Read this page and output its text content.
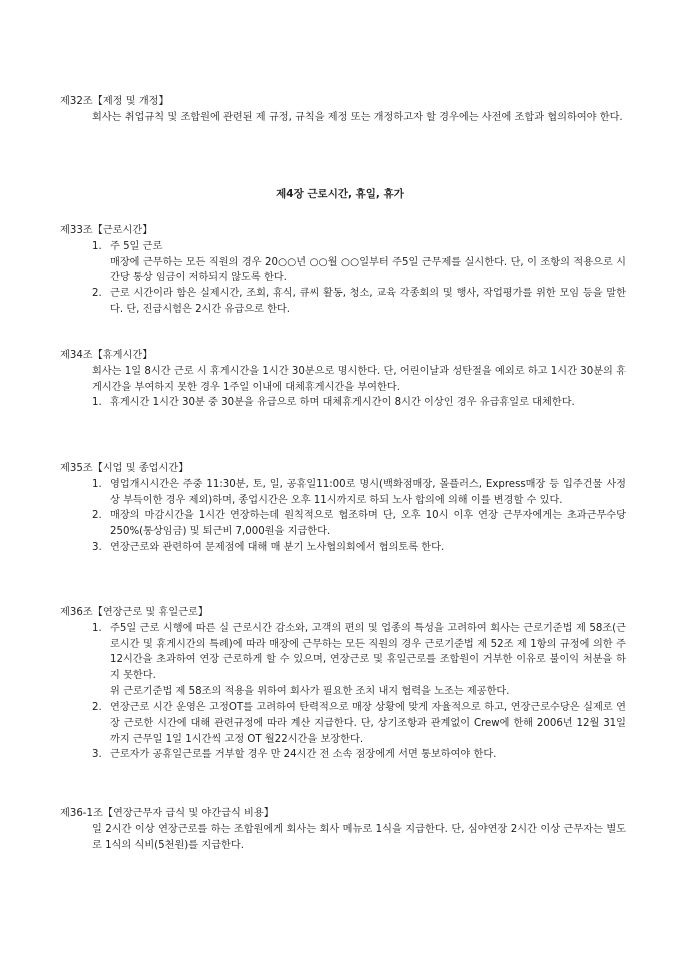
제32조【제정 및 개정】

회사는 취업규칙 및 조합원에 관련된 제 규정, 규칙을 제정 또는 개정하고자 할 경우에는 사전에 조합과 협의하여야 한다.

제4장 근로시간, 휴일, 휴가

제33조【근로시간】

1. 주 5일 근로

매장에 근무하는 모든 직원의 경우 20○○년 ○○월 ○○일부터 주5일 근무제를 실시한다. 단, 이 조항의 적용으로 시간당 통상 임금이 저하되지 않도록 한다.

2. 근로 시간이라 함은 실제시간, 조회, 휴식, 큐씨 활동, 청소, 교육 각종회의 및 행사, 작업평가를 위한 모임 등을 말한다. 단, 진급시험은 2시간 유급으로 한다.

제34조【휴게시간】

회사는 1일 8시간 근로 시 휴게시간을 1시간 30분으로 명시한다. 단, 어린이날과 성탄절을 예외로 하고 1시간 30분의 휴게시간을 부여하지 못한 경우 1주일 이내에 대체휴게시간을 부여한다.

1. 휴게시간 1시간 30분 중 30분을 유급으로 하며 대체휴게시간이 8시간 이상인 경우 유급휴일로 대체한다.

제35조【시업 및 종업시간】

1. 영업개시시간은 주중 11:30분, 토, 일, 공휴일11:00로 명시(백화점매장, 몰플러스, Express매장 등 입주건물 사정상 부득이한 경우 제외)하며, 종업시간은 오후 11시까지로 하되 노사 합의에 의해 이를 변경할 수 있다.
2. 매장의 마감시간을 1시간 연장하는데 원칙적으로 협조하며 단, 오후 10시 이후 연장 근무자에게는 초과근무수당 250%(통상임금) 및 퇴근비 7,000원을 지급한다.
3. 연장근로와 관련하여 문제점에 대해 매 분기 노사협의회에서 협의토록 한다.

제36조【연장근로 및 휴일근로】

1. 주5일 근로 시행에 따른 실 근로시간 감소와, 고객의 편의 및 업종의 특성을 고려하여 회사는 근로기준법 제 58조(근로시간 및 휴게시간의 특례)에 따라 매장에 근무하는 모든 직원의 경우 근로기준법 제 52조 제 1항의 규정에 의한 주 12시간을 초과하여 연장 근로하게 할 수 있으며, 연장근로 및 휴일근로를 조합원이 거부한 이유로 불이익 처분을 하지 못한다.

위 근로기준법 제 58조의 적용을 위하여 회사가 필요한 조치 내지 협력을 노조는 제공한다.

2. 연장근로 시간 운영은 고정OT를 고려하여 탄력적으로 매장 상황에 맞게 자율적으로 하고, 연장근로수당은 실제로 연장 근로한 시간에 대해 관련규정에 따라 계산 지급한다. 단, 상기조항과 관계없이 Crew에 한해 2006년 12월 31일까지 근무일 1일 1시간씩 고정 OT 월22시간을 보장한다.
3. 근로자가 공휴일근로를 거부할 경우 만 24시간 전 소속 점장에게 서면 통보하여야 한다.

제36-1조【연장근무자 급식 및 야간급식 비용】

일 2시간 이상 연장근로를 하는 조합원에게 회사는 회사 메뉴로 1식을 지급한다. 단, 심야연장 2시간 이상 근무자는 별도로 1식의 식비(5천원)를 지급한다.
